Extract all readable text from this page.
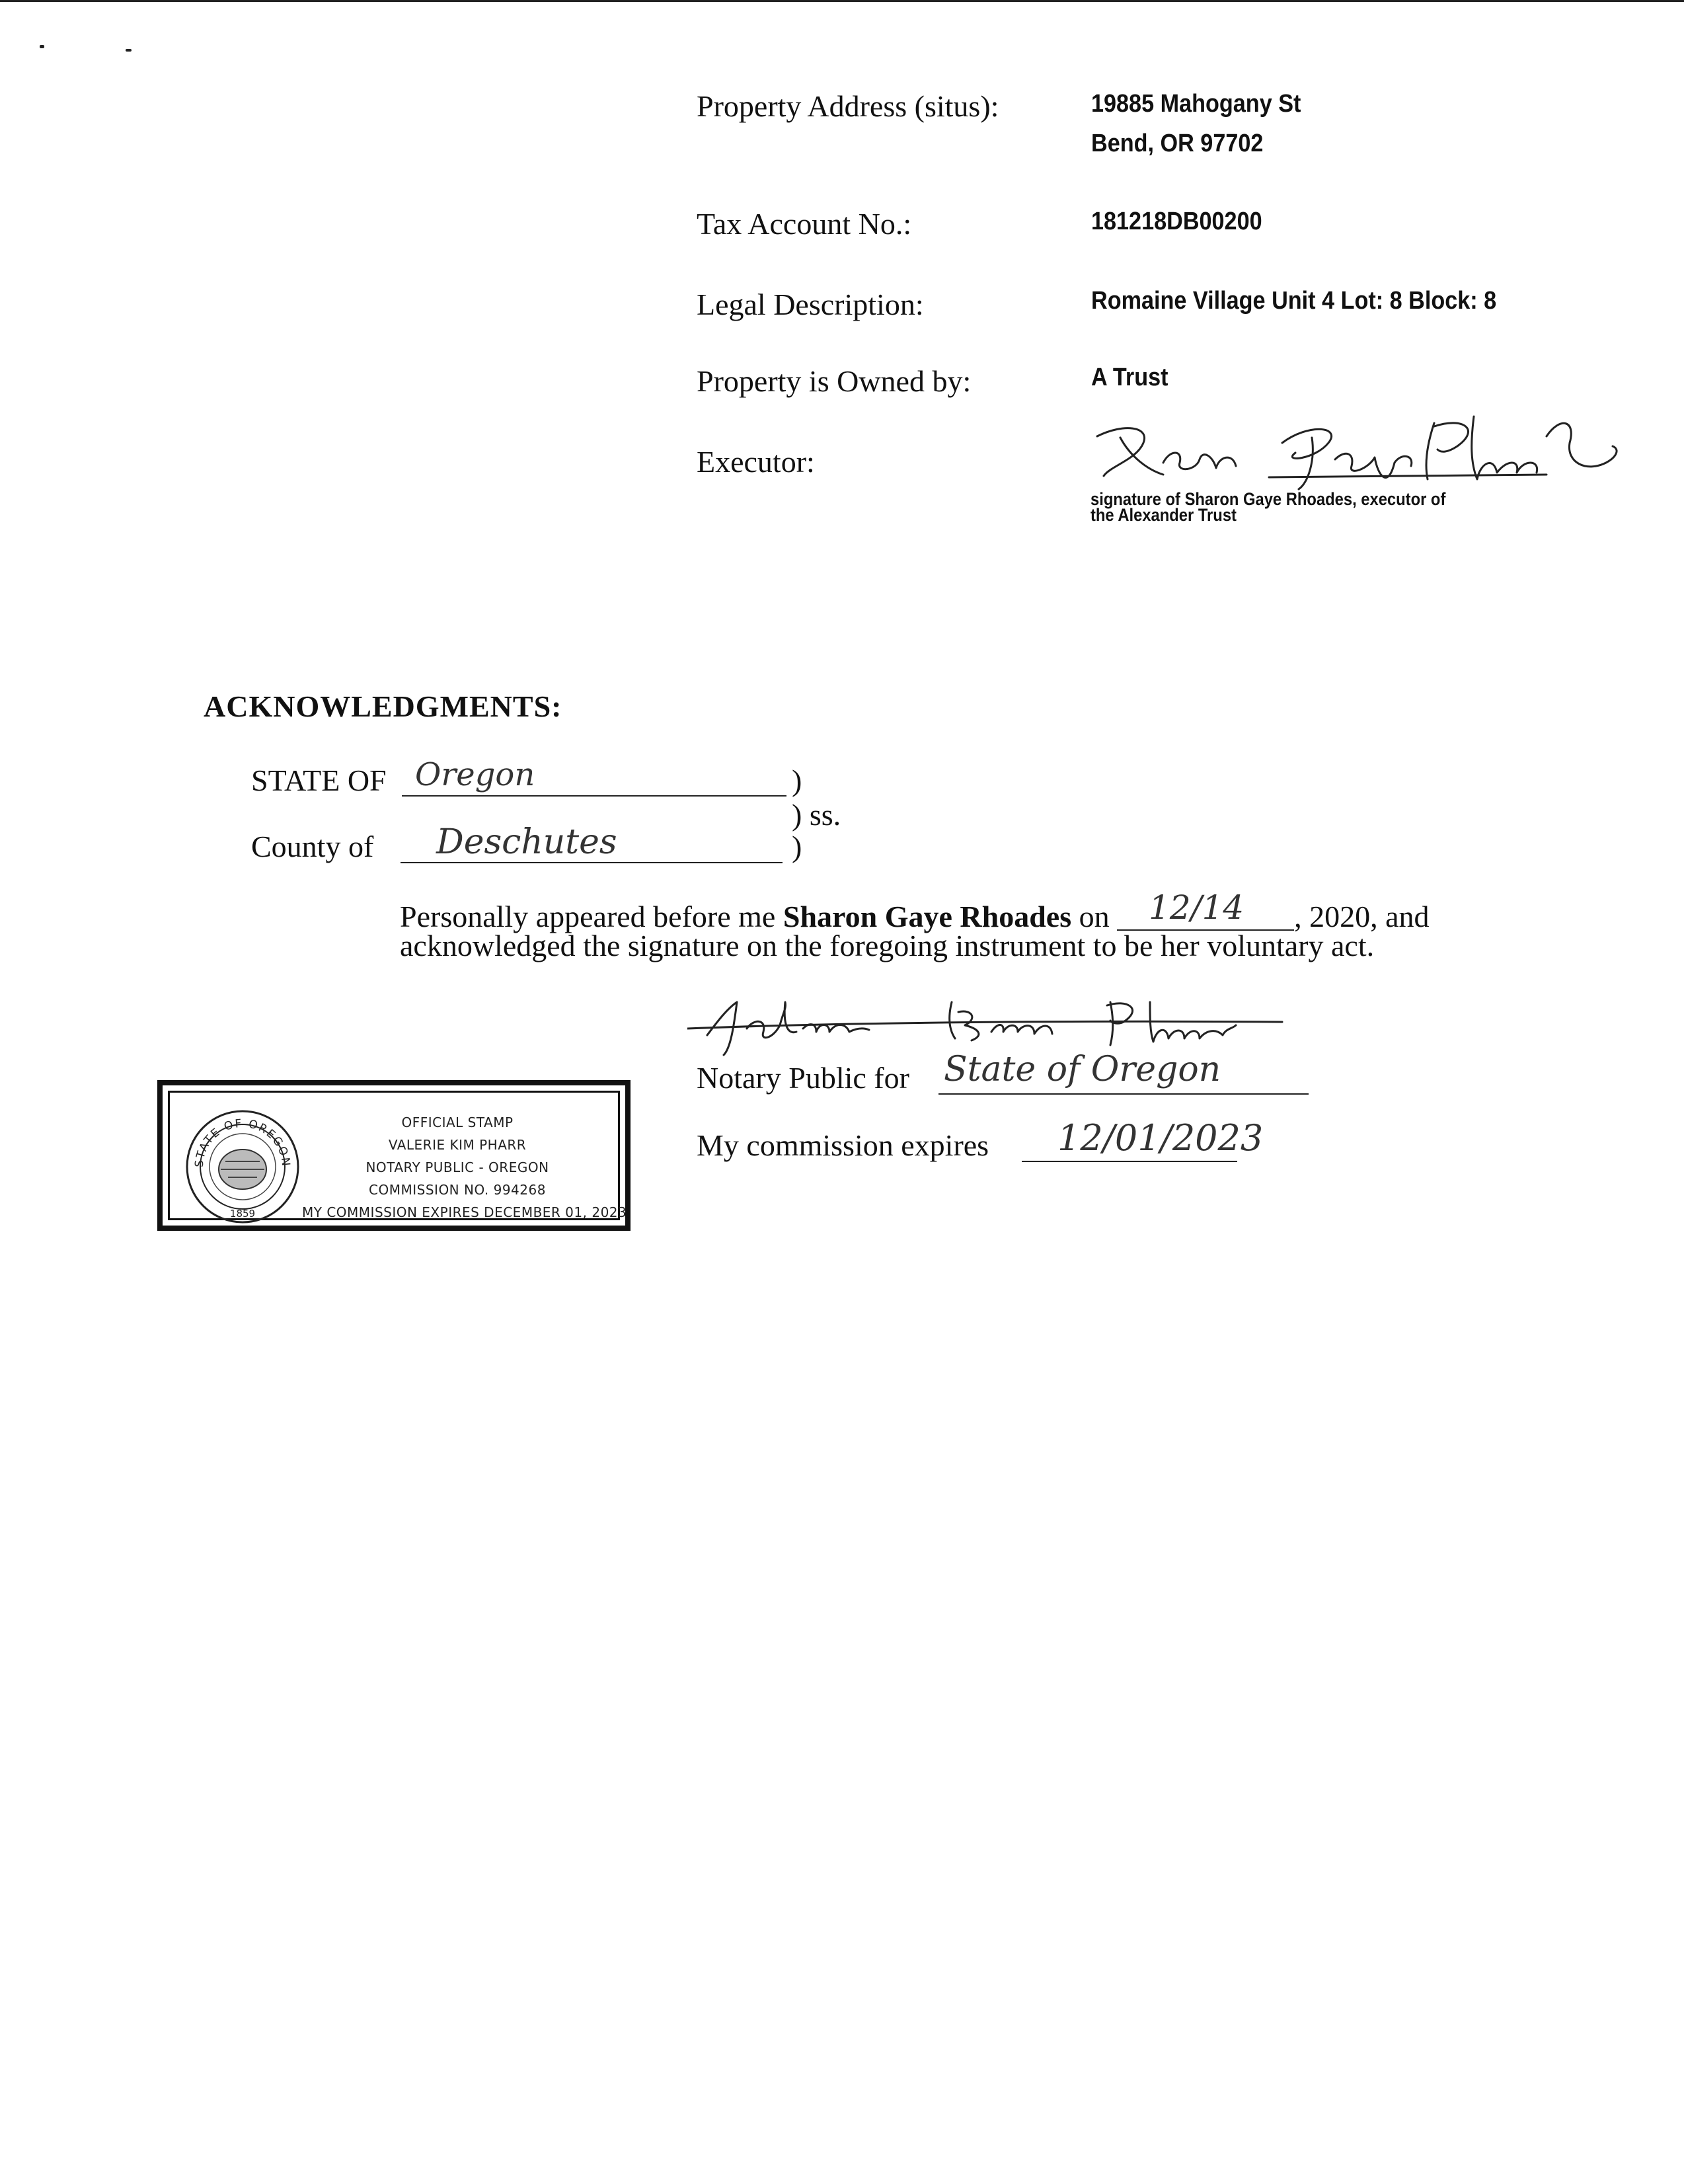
Property Address (situs):	19885 Mahogany St
Bend, OR 97702
Tax Account No.:	181218DB00200
Legal Description:	Romaine Village Unit 4 Lot: 8 Block: 8
Property is Owned by:	A Trust
Executor:
signature of Sharon Gaye Rhoades, executor of
the Alexander Trust
ACKNOWLEDGMENTS:
STATE OF Oregon	)
) ss.
County of Deschutes	)
Personally appeared before me Sharon Gaye Rhoades on 12/14 , 2020, and
acknowledged the signature on the foregoing instrument to be her voluntary act.
Notary Public for State of Oregon
My commission expires 12/01/2023
STATE OF OREGON
1859
OFFICIAL STAMP
VALERIE KIM PHARR
NOTARY PUBLIC - OREGON
COMMISSION NO. 994268
MY COMMISSION EXPIRES DECEMBER 01, 2023
